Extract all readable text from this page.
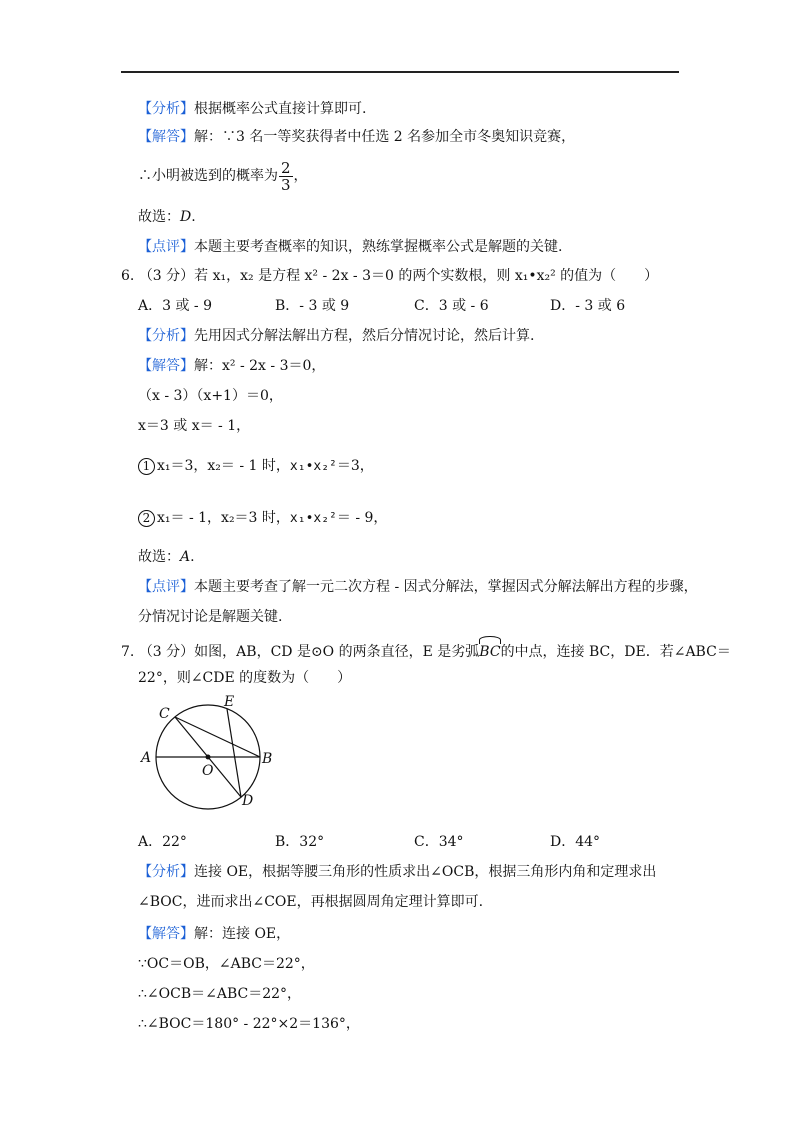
【分析】根据概率公式直接计算即可.
【解答】解：∵3 名一等奖获得者中任选 2 名参加全市冬奥知识竞赛，
∴小明被选到的概率为 $\frac{2}{3}$ ，
故选：D.
【点评】本题主要考查概率的知识，熟练掌握概率公式是解题的关键.
6. （3 分）若 x₁，x₂ 是方程 x² ‑ 2x ‑ 3＝0 的两个实数根，则 x₁•x₂² 的值为（　　）
A．3 或 ‑ 9	B．‑ 3 或 9	C．3 或 ‑ 6	D．‑ 3 或 6
【分析】先用因式分解法解出方程，然后分情况讨论，然后计算.
【解答】解：x² ‑ 2x ‑ 3＝0，
（x ‑ 3）（x+1）＝0，
x＝3 或 x＝ ‑ 1，
1 x₁＝3，x₂＝ ‑ 1 时，x₁•x₂²＝3，
2 x₁＝ ‑ 1，x₂＝3 时，x₁•x₂²＝ ‑ 9，
故选：A.
【点评】本题主要考查了解一元二次方程 ‑ 因式分解法，掌握因式分解法解出方程的步骤，
分情况讨论是解题关键.
7. （3 分）如图，AB，CD 是⊙O 的两条直径，E 是劣弧BC的中点，连接 BC，DE．若∠ABC＝
22°，则∠CDE 的度数为（　　）
C
E
A
O
B
D
A．22°	B．32°	C．34°	D．44°
【分析】连接 OE，根据等腰三角形的性质求出∠OCB，根据三角形内角和定理求出
∠BOC，进而求出∠COE，再根据圆周角定理计算即可.
【解答】解：连接 OE，
∵OC＝OB，∠ABC＝22°，
∴∠OCB＝∠ABC＝22°，
∴∠BOC＝180° ‑ 22°×2＝136°，
